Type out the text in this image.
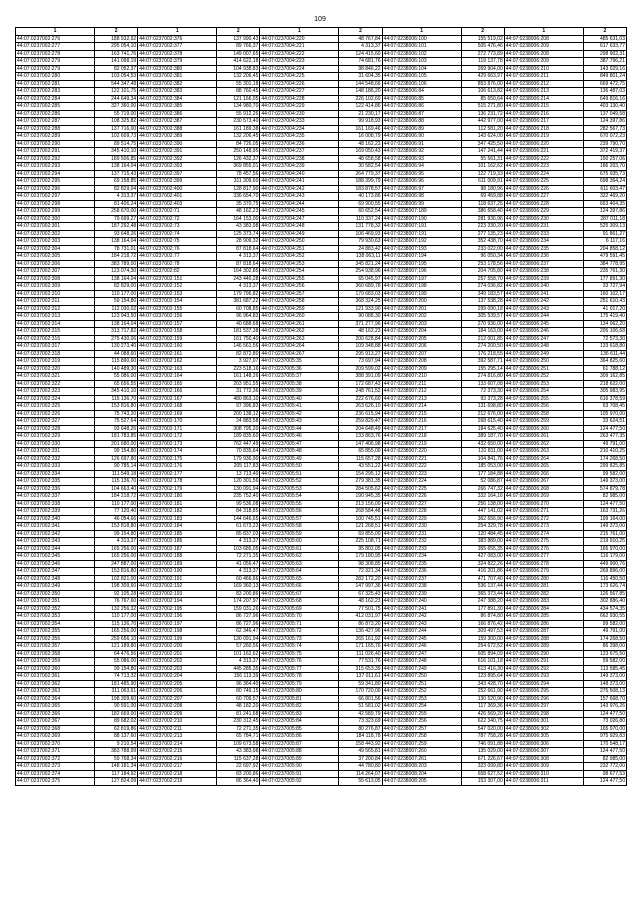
109
1	2	1	2	1	2	1	2	1	2
44:07:0237002:276	188 932,92	44:07:0237002:376	137 990,43	44:07:0237004:220	48 767,84	44:07:0238006:100	155 519,02	44:07:0238006:208	485 631,03
44:07:0237002:277	295 054,10	44:07:0237002:377	89 766,37	44:07:0237004:221	4 313,37	44:07:0238006:101	505 476,46	44:07:0238006:209	617 633,77
44:07:0237002:278	163 741,76	44:07:0237002:378	149 007,65	44:07:0237004:222	124 415,60	44:07:0238006:102	272 773,89	44:07:0238006:208	298 902,31
44:07:0237002:279	141 098,19	44:07:0237002:379	414 622,18	44:07:0237004:223	74 681,76	44:07:0238006:103	119 137,78	44:07:0238006:209	387 796,21
44:07:0237002:279	82 052,37	44:07:0237002:380	104 938,83	44:07:0237004:224	98 846,22	44:07:0238006:104	269 904,00	44:07:0238006:210	143 029,16
44:07:0237002:280	103 054,53	44:07:0237002:381	132 206,45	44:07:0237004:225	31 604,35	44:07:0238006:105	429 663,97	44:07:0238006:211	849 801,24
44:07:0237002:281	544 347,48	44:07:0237002:382	55 301,18	44:07:0237004:226	144 548,66	44:07:0238006:106	853 876,00	44:07:0238006:212	669 472,75
44:07:0237002:283	122 101,75	44:07:0237002:383	88 760,45	44:07:0237004:227	148 186,20	44:07:0238006:84	106 613,82	44:07:0238006:213	136 487,03
44:07:0237002:284	244 649,34	44:07:0237002:384	121 166,05	44:07:0237004:228	226 102,60	44:07:0238006:85	85 650,64	44:07:0238006:214	649 816,16
44:07:0237002:285	327 360,00	44:07:0237002:385	134 980,70	44:07:0237004:229	122 414,86	44:07:0238006:86	515 271,80	44:07:0238006:215	403 130,40
44:07:0237002:286	55 719,00	44:07:0237002:386	55 912,26	44:07:0237004:230	21 230,17	44:07:0238006:87	136 231,72	44:07:0238006:216	137 049,58
44:07:0237002:287	108 325,82	44:07:0237002:387	230 573,40	44:07:0237004:233	99 918,93	44:07:0238006:88	442 977,00	44:07:0238006:217	124 397,86
44:07:0237002:288	137 716,00	44:07:0237002:388	161 189,38	44:07:0237004:234	161 169,46	44:07:0238006:89	112 581,20	44:07:0238006:218	282 567,73
44:07:0237002:289	102 609,73	44:07:0237002:389	132 206,45	44:07:0237004:235	16 008,79	44:07:0238006:90	143 624,00	44:07:0238006:219	670 072,23
44:07:0237002:290	89 514,75	44:07:0237002:390	84 726,05	44:07:0237004:236	48 162,23	44:07:0238006:91	347 425,50	44:07:0238006:220	239 790,70
44:07:0237002:291	345 410,10	44:07:0237002:391	250 148,95	44:07:0237004:237	169 050,43	44:07:0238006:92	147 241,44	44:07:0238006:221	372 419,37
44:07:0237002:292	189 506,85	44:07:0237002:392	126 432,37	44:07:0237004:238	48 658,58	44:07:0238006:93	55 561,31	44:07:0238006:222	150 257,06
44:07:0237002:293	138 164,04	44:07:0237002:393	369 855,01	44:07:0237004:239	30 582,54	44:07:0238006:94	101 162,62	44:07:0238006:223	186 203,70
44:07:0237002:294	137 715,43	44:07:0237002:397	78 457,56	44:07:0237004:240	264 779,37	44:07:0238006:95	122 719,33	44:07:0238006:224	675 935,73
44:07:0237002:295	69 158,85	44:07:0237002:399	311 309,60	44:07:0237004:241	188 399,79	44:07:0238006:96	611 009,91	44:07:0238006:225	698 364,24
44:07:0237002:296	82 829,04	44:07:0237002:400	128 817,90	44:07:0237004:242	183 878,57	44:07:0238006:97	98 180,96	44:07:0238006:226	611 603,47
44:07:0237002:297	4 313,37	44:07:0237002:401	336 654,70	44:07:0237004:243	40 173,86	44:07:0238006:98	69 459,88	44:07:0238006:227	322 469,20
44:07:0237002:298	81 406,24	44:07:0237002:403	35 370,75	44:07:0237004:244	69 900,55	44:07:0238006:99	118 637,25	44:07:0238006:228	663 404,35
44:07:0237002:299	258 670,00	44:07:0237002:71	48 162,23	44:07:0237004:245	60 652,54	44:07:0238007:189	386 658,40	44:07:0238006:229	124 397,86
44:07:0237002:300	79 699,27	44:07:0237002:72	164 153,00	44:07:0237004:247	110 337,24	44:07:0238007:190	281 936,96	44:07:0238006:230	287 011,18
44:07:0237002:301	187 292,48	44:07:0237002:73	43 383,98	44:07:0237004:248	131 778,32	44:07:0238007:191	223 330,20	44:07:0238006:231	525 309,13
44:07:0237002:302	93 648,26	44:07:0237002:74	125 373,74	44:07:0237004:249	106 469,93	44:07:0238007:191	277 135,23	44:07:0238006:233	91 861,27
44:07:0237002:303	138 164,04	44:07:0237002:75	28 909,32	44:07:0237004:250	79 930,63	44:07:0238007:192	352 438,70	44:07:0238006:234	6 117,16
44:07:0237002:304	78 731,01	44:07:0237002:76	87 818,64	44:07:0237004:251	24 883,42	44:07:0238007:193	233 022,00	44:07:0238006:235	204 858,12
44:07:0237002:305	184 218,72	44:07:0237002:77	4 313,37	44:07:0237004:252	138 063,11	44:07:0238007:194	96 050,34	44:07:0238006:236	479 591,45
44:07:0237002:306	383 789,00	44:07:0237002:78	87 818,64	44:07:0237004:253	345 821,24	44:07:0238007:195	253 178,56	44:07:0238006:237	384 778,95
44:07:0237002:307	123 074,30	44:07:0237002:82	164 302,85	44:07:0237004:254	254 938,96	44:07:0238007:196	204 705,80	44:07:0238006:238	235 761,30
44:07:0237002:308	138 164,04	44:07:0237002:151	243 440,28	44:07:0237004:255	65 045,97	44:07:0238007:197	257 558,70	44:07:0238006:239	177 891,30
44:07:0237002:309	82 829,00	44:07:0237002:152	4 313,37	44:07:0237004:256	360 689,78	44:07:0238007:198	274 036,82	44:07:0238006:240	33 727,94
44:07:0237002:310	110 177,00	44:07:0237002:153	179 796,82	44:07:0237004:257	170 683,03	44:07:0238007:199	349 183,57	44:07:0238006:241	160 102,17
44:07:0237002:311	59 154,80	44:07:0237002:154	381 687,22	44:07:0237004:258	368 324,25	44:07:0238007:200	137 538,28	44:07:0238006:242	251 610,43
44:07:0237002:312	112 030,02	44:07:0237002:155	60 708,85	44:07:0237004:259	121 933,90	44:07:0238007:201	299 090,18	44:07:0238006:243	41 017,20
44:07:0237002:313	123 943,50	44:07:0237002:156	96 964,83	44:07:0237004:260	90 088,30	44:07:0238007:202	305 539,57	44:07:0238006:244	175 419,40
44:07:0237002:314	138 164,04	44:07:0237002:157	40 688,68	44:07:0237004:261	371 277,96	44:07:0238007:203	270 936,00	44:07:0238006:245	134 062,20
44:07:0237002:315	313 717,82	44:07:0237002:158	181 537,38	44:07:0237004:262	48 162,23	44:07:0238007:204	184 163,00	44:07:0238006:246	205 106,68
44:07:0237002:316	275 430,06	44:07:0237002:159	161 750,40	44:07:0237004:263	200 628,84	44:07:0238007:205	212 001,85	44:07:0238006:247	72 573,30
44:07:0237002:317	130 273,40	44:07:0237002:160	146 561,56	44:07:0237004:264	109 348,88	44:07:0238007:206	274 200,50	44:07:0238006:248	133 618,80
44:07:0237002:318	44 088,60	44:07:0237002:161	82 872,80	44:07:0237004:267	295 913,27	44:07:0238007:207	176 218,55	44:07:0238006:249	136 611,44
44:07:0237002:319	115 890,60	44:07:0237002:162	3 927,07	44:07:0237005:35	73 697,94	44:07:0238007:208	392 587,71	44:07:0238006:250	364 825,60
44:07:0237002:320	140 489,30	44:07:0237002:163	223 518,16	44:07:0237005:36	209 599,02	44:07:0238007:209	155 295,14	44:07:0238006:251	61 788,12
44:07:0237002:321	55 086,00	44:07:0237002:164	161 148,26	44:07:0237005:37	388 391,09	44:07:0238007:210	274 816,80	44:07:0238006:252	309 162,85
44:07:0237002:322	65 656,55	44:07:0237002:165	203 951,55	44:07:0237005:38	172 687,43	44:07:0238007:211	133 607,08	44:07:0238006:253	218 622,00
44:07:0237002:323	345 410,10	44:07:0237002:166	31 772,36	44:07:0237005:39	248 761,52	44:07:0238007:212	72 373,30	44:07:0238006:254	305 983,95
44:07:0237002:324	115 136,70	44:07:0237002:167	480 863,10	44:07:0237005:40	222 676,60	44:07:0238007:213	93 373,28	44:07:0238006:255	616 378,59
44:07:0237002:325	153 816,80	44:07:0237002:168	97 396,83	44:07:0237005:41	263 626,10	44:07:0238007:214	131 698,80	44:07:0238006:256	63 708,45
44:07:0237002:326	75 743,20	44:07:0237002:169	200 138,12	44:07:0237005:42	236 615,94	44:07:0238007:215	212 676,00	44:07:0238006:258	105 970,00
44:07:0237002:327	75 527,64	44:07:0237002:170	24 883,58	44:07:0237005:43	259 829,47	44:07:0238007:216	268 615,40	44:07:0238006:259	33 624,51
44:07:0237002:328	93 648,26	44:07:0237002:171	308 795,20	44:07:0237005:44	204 648,49	44:07:0238007:217	184 625,40	44:07:0238006:260	124 477,50
44:07:0237002:329	181 783,85	44:07:0237002:172	189 835,60	44:07:0237005:46	133 863,76	44:07:0238007:218	389 187,70	44:07:0238006:261	263 477,35
44:07:0237002:330	201 680,00	44:07:0237002:173	762 447,49	44:07:0237005:47	147 406,98	44:07:0238007:219	432 650,00	44:07:0238006:262	49 791,00
44:07:0237002:331	99 154,80	44:07:0237002:174	70 835,64	44:07:0237005:48	65 855,00	44:07:0238007:220	131 811,00	44:07:0238006:263	210 410,25
44:07:0237002:332	126 697,80	44:07:0237002:175	179 936,90	44:07:0237005:49	115 657,28	44:07:0238007:221	104 841,76	44:07:0238006:264	174 268,50
44:07:0237002:333	90 785,14	44:07:0237002:176	205 117,83	44:07:0237005:50	43 551,22	44:07:0238007:222	185 053,00	44:07:0238006:265	299 825,85
44:07:0237002:334	111 549,18	44:07:0237002:177	13 713,40	44:07:0237005:51	154 295,12	44:07:0238007:223	177 184,88	44:07:0238006:266	99 582,00
44:07:0237002:335	115 136,70	44:07:0237002:178	120 301,56	44:07:0237005:52	279 381,35	44:07:0238007:224	52 086,87	44:07:0238006:267	149 373,00
44:07:0237002:336	104 663,40	44:07:0237002:179	130 091,94	44:07:0237005:53	284 505,62	44:07:0238007:225	266 747,32	44:07:0238006:268	574 879,78
44:07:0237002:337	184 218,72	44:07:0237002:180	235 752,40	44:07:0237005:54	190 945,35	44:07:0238007:226	332 164,16	44:07:0238006:269	82 985,00
44:07:0237002:338	110 177,00	44:07:0237002:181	99 536,08	44:07:0237005:55	213 156,00	44:07:0238007:227	256 138,00	44:07:0238006:270	124 477,50
44:07:0237002:339	77 120,40	44:07:0237002:182	84 318,85	44:07:0237005:56	268 584,48	44:07:0238007:228	447 141,02	44:07:0238006:271	163 731,26
44:07:0237002:340	46 054,66	44:07:0237002:183	144 646,65	44:07:0237005:57	100 745,51	44:07:0238007:229	362 656,90	44:07:0238006:272	199 164,00
44:07:0237002:341	153 818,80	44:07:0237002:184	61 673,23	44:07:0237005:58	121 268,51	44:07:0238007:230	254 329,78	44:07:0238006:273	149 373,00
44:07:0237002:342	99 154,80	44:07:0237002:185	85 837,03	44:07:0237005:59	69 855,00	44:07:0238007:231	120 484,45	44:07:0238006:274	215 761,00
44:07:0237002:343	4 313,37	44:07:0237002:186	4 313,37	44:07:0237005:60	225 108,71	44:07:0238007:232	383 889,00	44:07:0238006:275	219 910,25
44:07:0237002:344	165 256,00	44:07:0237002:187	103 685,05	44:07:0237005:61	95 802,05	44:07:0238007:233	355 655,35	44:07:0238006:276	165 970,00
44:07:0237002:345	165 256,00	44:07:0237002:188	72 271,35	44:07:0237005:62	179 180,95	44:07:0238007:234	427 083,00	44:07:0238006:277	116 179,00
44:07:0237002:346	247 887,00	44:07:0237002:189	41 056,47	44:07:0237005:63	98 308,85	44:07:0238007:235	324 822,26	44:07:0238006:278	449 900,76
44:07:0237002:347	153 816,80	44:07:0237002:190	4 313,37	44:07:0237005:64	72 321,34	44:07:0238007:236	416 201,86	44:07:0238006:279	269 896,00
44:07:0237002:348	102 821,00	44:07:0237002:191	60 466,66	44:07:0237005:65	282 172,20	44:07:0238007:237	471 707,40	44:07:0238006:280	116 450,50
44:07:0237002:349	198 309,60	44:07:0237002:192	169 360,13	44:07:0237005:66	147 997,36	44:07:0238007:238	536 137,44	44:07:0238006:281	173 626,74
44:07:0237002:350	92 105,28	44:07:0237002:193	83 200,86	44:07:0237005:67	67 325,43	44:07:0238007:239	365 373,44	44:07:0238006:282	126 567,85
44:07:0237002:351	76 767,60	44:07:0237002:194	174 207,97	44:07:0237005:68	48 162,23	44:07:0238007:240	247 388,20	44:07:0238006:283	302 886,40
44:07:0237002:352	132 256,32	44:07:0237002:195	159 031,26	44:07:0237005:69	77 501,75	44:07:0238007:241	177 891,30	44:07:0238006:284	434 574,35
44:07:0237002:353	110 177,00	44:07:0237002:196	86 727,96	44:07:0237005:70	412 031,97	44:07:0238007:242	86 874,80	44:07:0238006:285	662 930,55
44:07:0237002:354	115 136,70	44:07:0237002:197	86 727,96	44:07:0237005:71	86 873,20	44:07:0238007:243	166 876,42	44:07:0238006:286	99 582,00
44:07:0237002:355	165 256,00	44:07:0237002:198	62 346,47	44:07:0237005:72	136 427,96	44:07:0238007:244	309 497,53	44:07:0238006:287	49 791,00
44:07:0237002:356	259 656,10	44:07:0237002:199	130 091,94	44:07:0237005:73	265 161,92	44:07:0238007:245	159 300,00	44:07:0238006:288	174 268,50
44:07:0237002:357	121 189,80	44:07:0237002:200	57 260,56	44:07:0237005:74	171 165,76	44:07:0238007:246	254 672,52	44:07:0238006:289	86 398,00
44:07:0237002:358	64 476,56	44:07:0237002:201	101 162,62	44:07:0237005:75	111 026,40	44:07:0238007:247	605 894,09	44:07:0238006:290	123 675,50
44:07:0237002:359	55 086,00	44:07:0237002:202	4 313,37	44:07:0237005:76	77 531,76	44:07:0238007:248	616 101,18	44:07:0238006:291	59 582,00
44:07:0237002:360	99 154,80	44:07:0237002:203	445 285,35	44:07:0237005:77	315 653,39	44:07:0238007:249	613 416,30	44:07:0238006:292	113 585,45
44:07:0237002:361	74 713,32	44:07:0237002:204	156 113,39	44:07:0237005:78	137 011,61	44:07:0238007:250	123 895,64	44:07:0238006:293	149 373,00
44:07:0237002:362	181 485,90	44:07:0237002:205	96 364,40	44:07:0237005:79	59 341,80	44:07:0238007:251	343 428,70	44:07:0238006:294	148 373,00
44:07:0237002:363	311 063,61	44:07:0237002:206	80 749,15	44:07:0237005:80	170 720,00	44:07:0238007:252	252 661,90	44:07:0238006:295	275 508,13
44:07:0237002:364	198 309,60	44:07:0237002:207	60 709,57	44:07:0237005:81	66 801,56	44:07:0238007:253	130 520,90	44:07:0238006:296	157 668,70
44:07:0237002:365	90 591,00	44:07:0237002:208	48 182,20	44:07:0237005:82	51 581,02	44:07:0238007:254	117 369,36	44:07:0238006:297	143 976,26
44:07:0237002:366	182 669,00	44:07:0237002:209	81 241,68	44:07:0237005:83	42 589,79	44:07:0238007:255	426 569,20	44:07:0238006:298	124 477,50
44:07:0237002:367	89 682,02	44:07:0237002:210	230 312,45	44:07:0237005:84	73 323,69	44:07:0238007:256	622 340,75	44:07:0238006:301	73 026,80
44:07:0237002:368	62 819,86	44:07:0237002:211	72 271,35	44:07:0237005:85	80 276,87	44:07:0238007:257	547 020,00	44:07:0238006:302	165 970,00
44:07:0237002:369	88 137,60	44:07:0237002:213	65 784,71	44:07:0237005:86	184 118,78	44:07:0238007:258	787 758,28	44:07:0238006:305	975 929,83
44:07:0237002:370	9 210,54	44:07:0237002:214	109 673,58	44:07:0237005:87	158 443,92	44:07:0238007:259	746 091,88	44:07:0238006:306	170 548,17
44:07:0237002:371	383 788,99	44:07:0237002:215	43 383,98	44:07:0237005:88	49 565,81	44:07:0238007:260	135 029,00	44:07:0238006:307	124 477,50
44:07:0237002:372	59 768,34	44:07:0237002:216	115 637,28	44:07:0237005:89	37 200,84	44:07:0238007:261	671 226,67	44:07:0238006:308	82 985,00
44:07:0237002:373	148 181,34	44:07:0237002:217	22 697,92	44:07:0237005:90	44 780,80	44:07:0238008:203	323 099,80	44:07:0238006:309	232 772,00
44:07:0237002:374	117 184,92	44:07:0237002:218	83 200,86	44:07:0237005:91	114 264,07	44:07:0238008:204	658 627,52	44:07:0238006:310	98 677,53
44:07:0237002:375	127 824,09	44:07:0237002:219	86 364,40	44:07:0237005:92	55 613,05	44:07:0238008:205	153 307,00	44:07:0238006:311	124 477,50
